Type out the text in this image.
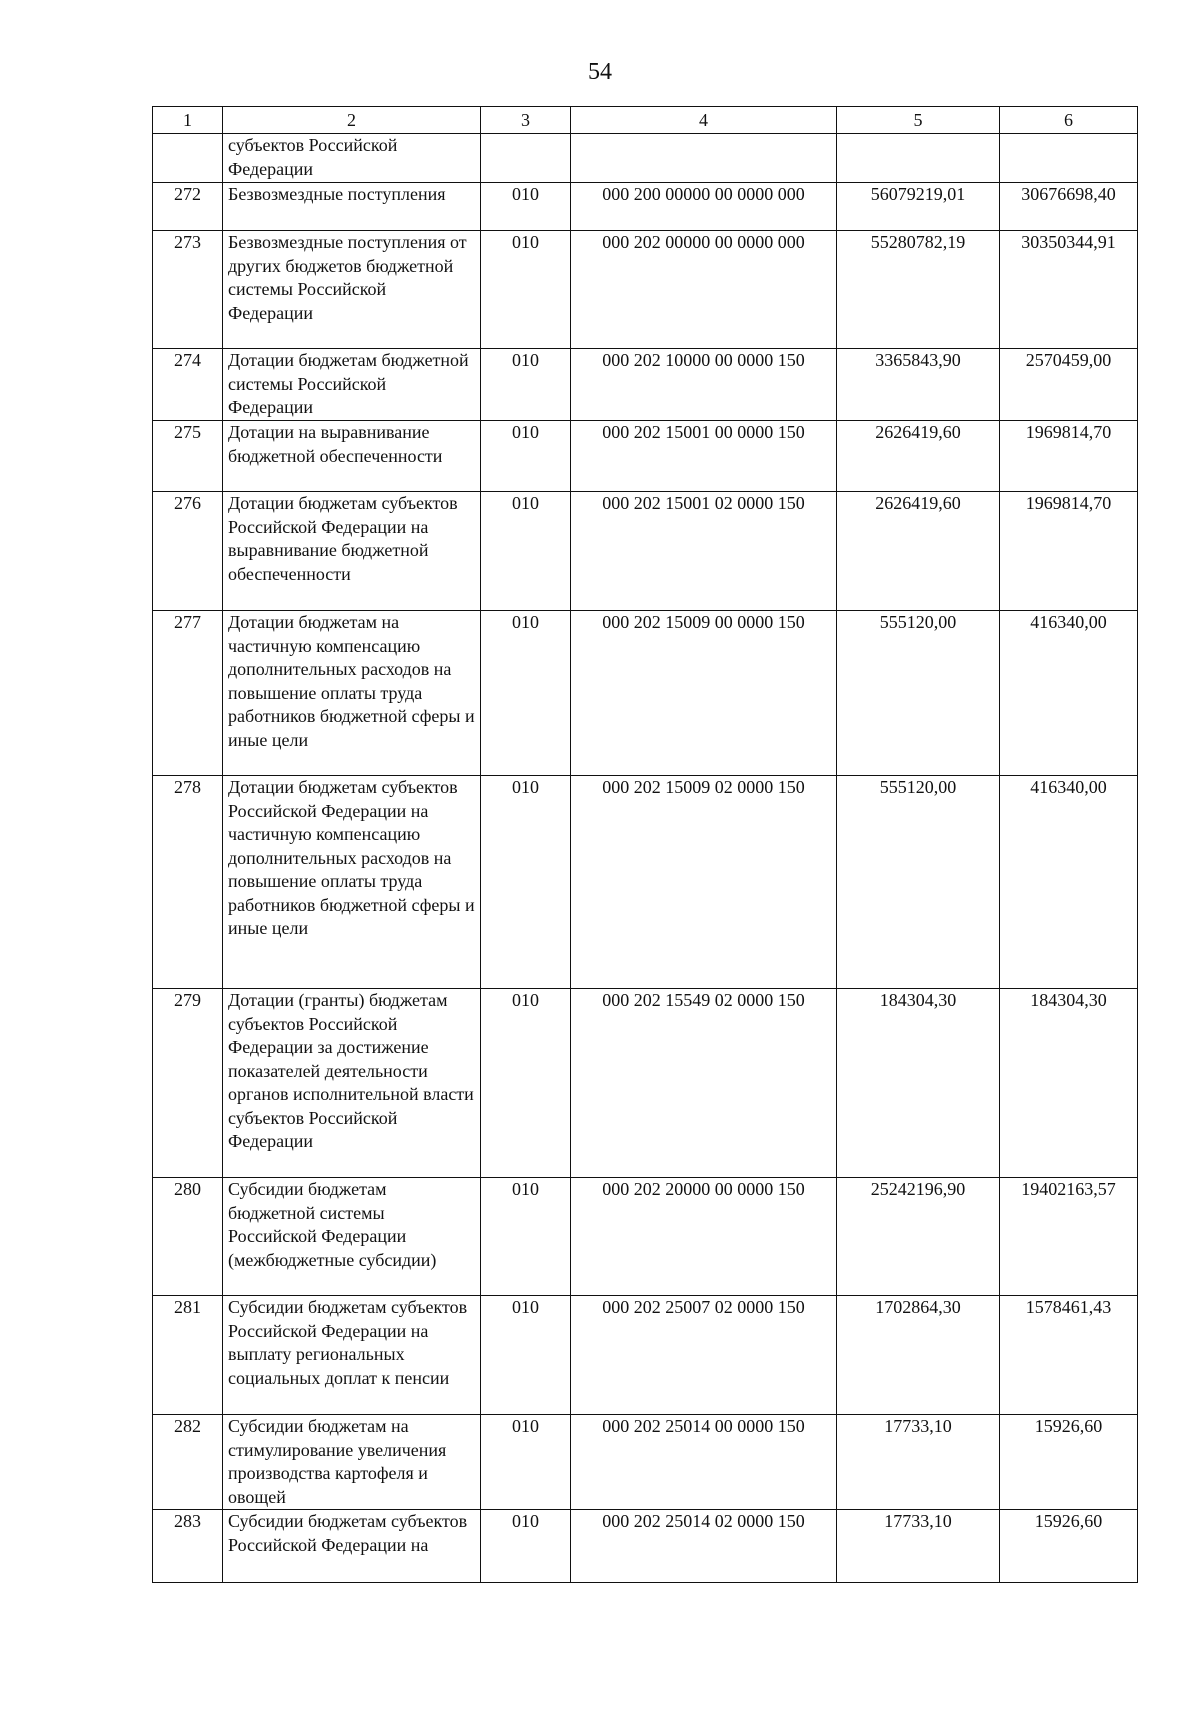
54
1	2	3	4	5	6
	субъектов Российской Федерации				
272	Безвозмездные поступления	010	000 200 00000 00 0000 000	56079219,01	30676698,40
273	Безвозмездные поступления от других бюджетов бюджетной системы Российской Федерации	010	000 202 00000 00 0000 000	55280782,19	30350344,91
274	Дотации бюджетам бюджетной системы Российской Федерации	010	000 202 10000 00 0000 150	3365843,90	2570459,00
275	Дотации на выравнивание бюджетной обеспеченности	010	000 202 15001 00 0000 150	2626419,60	1969814,70
276	Дотации бюджетам субъектов Российской Федерации на выравнивание бюджетной обеспеченности	010	000 202 15001 02 0000 150	2626419,60	1969814,70
277	Дотации бюджетам на частичную компенсацию дополнительных расходов на повышение оплаты труда работников бюджетной сферы и иные цели	010	000 202 15009 00 0000 150	555120,00	416340,00
278	Дотации бюджетам субъектов Российской Федерации на частичную компенсацию дополнительных расходов на повышение оплаты труда работников бюджетной сферы и иные цели	010	000 202 15009 02 0000 150	555120,00	416340,00
279	Дотации (гранты) бюджетам субъектов Российской Федерации за достижение показателей деятельности органов исполнительной власти субъектов Российской Федерации	010	000 202 15549 02 0000 150	184304,30	184304,30
280	Субсидии бюджетам бюджетной системы Российской Федерации (межбюджетные субсидии)	010	000 202 20000 00 0000 150	25242196,90	19402163,57
281	Субсидии бюджетам субъектов Российской Федерации на выплату региональных социальных доплат к пенсии	010	000 202 25007 02 0000 150	1702864,30	1578461,43
282	Субсидии бюджетам на стимулирование увеличения производства картофеля и овощей	010	000 202 25014 00 0000 150	17733,10	15926,60
283	Субсидии бюджетам субъектов Российской Федерации на	010	000 202 25014 02 0000 150	17733,10	15926,60
